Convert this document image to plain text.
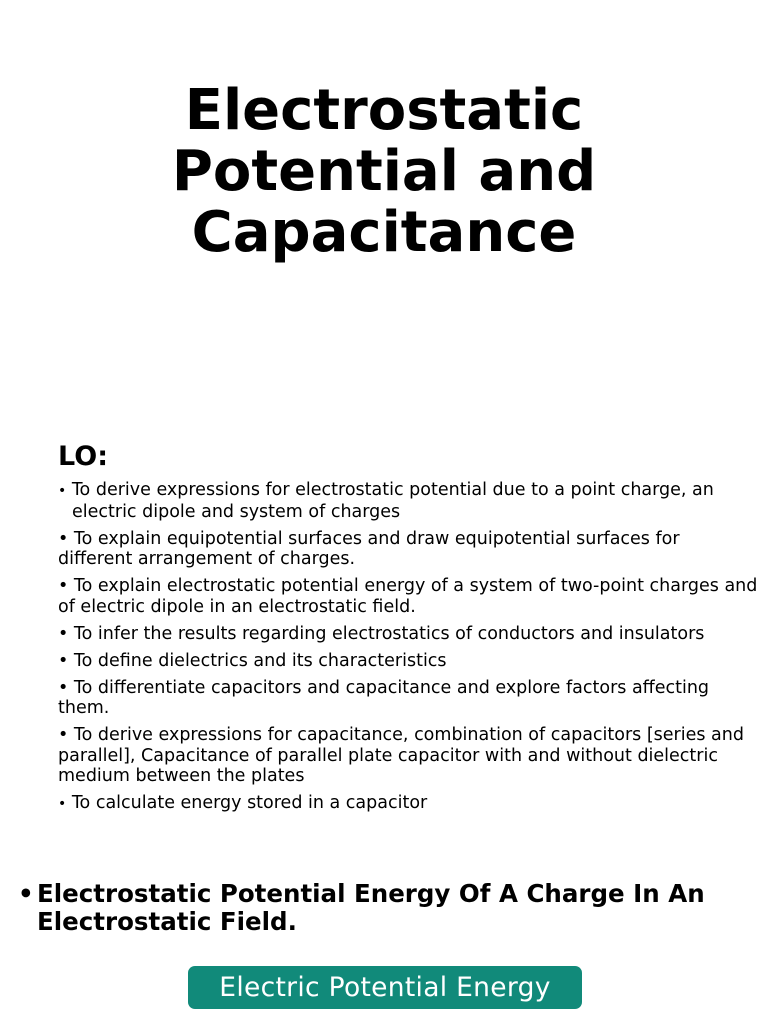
Electrostatic
Potential and
Capacitance
LO:
• To derive expressions for electrostatic potential due to a point charge, an electric dipole and system of charges
• To explain equipotential surfaces and draw equipotential surfaces for different arrangement of charges.
• To explain electrostatic potential energy of a system of two-point charges and of electric dipole in an electrostatic field.
• To infer the results regarding electrostatics of conductors and insulators
• To define dielectrics and its characteristics
• To differentiate capacitors and capacitance and explore factors affecting them.
• To derive expressions for capacitance, combination of capacitors [series and parallel], Capacitance of parallel plate capacitor with and without dielectric medium between the plates
• To calculate energy stored in a capacitor
• Electrostatic Potential Energy Of A Charge In An Electrostatic Field.
Electric Potential Energy
